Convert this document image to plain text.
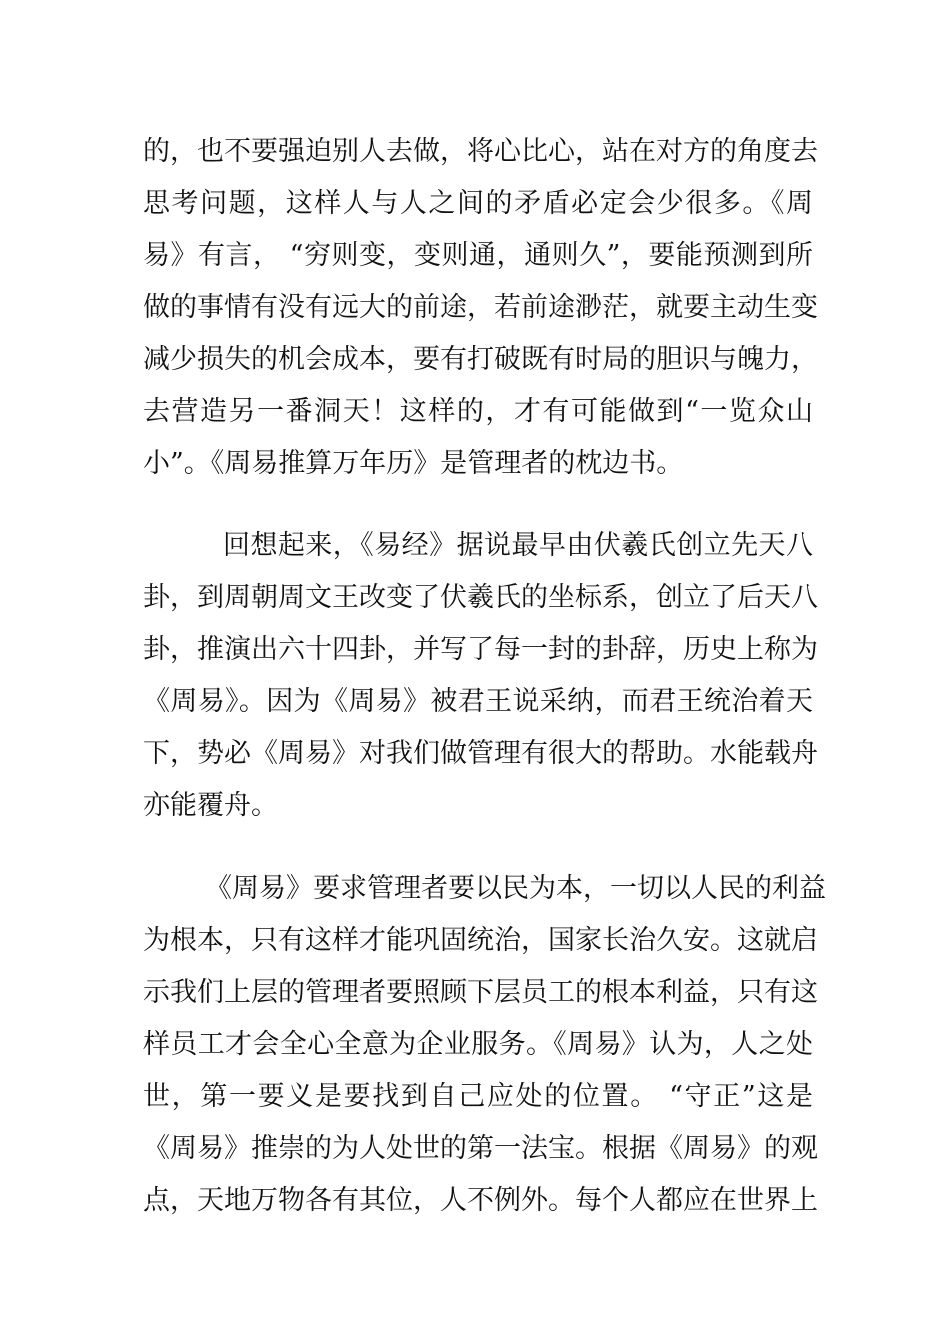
的，也不要强迫别人去做，将心比心，站在对方的角度去
思考问题，这样人与人之间的矛盾必定会少很多。《周
易》有言， “穷则变，变则通，通则久”，要能预测到所
做的事情有没有远大的前途，若前途渺茫，就要主动生变
减少损失的机会成本，要有打破既有时局的胆识与魄力，
去营造另一番洞天！这样的，才有可能做到“一览众山
小”。《周易推算万年历》是管理者的枕边书。
回想起来，《易经》据说最早由伏羲氏创立先天八
卦，到周朝周文王改变了伏羲氏的坐标系，创立了后天八
卦，推演出六十四卦，并写了每一封的卦辞，历史上称为
《周易》。因为《周易》被君王说采纳，而君王统治着天
下，势必《周易》对我们做管理有很大的帮助。水能载舟
亦能覆舟。
《周易》要求管理者要以民为本，一切以人民的利益
为根本，只有这样才能巩固统治，国家长治久安。这就启
示我们上层的管理者要照顾下层员工的根本利益，只有这
样员工才会全心全意为企业服务。《周易》认为，人之处
世，第一要义是要找到自己应处的位置。 “守正”这是
《周易》推崇的为人处世的第一法宝。根据《周易》的观
点，天地万物各有其位，人不例外。每个人都应在世界上
